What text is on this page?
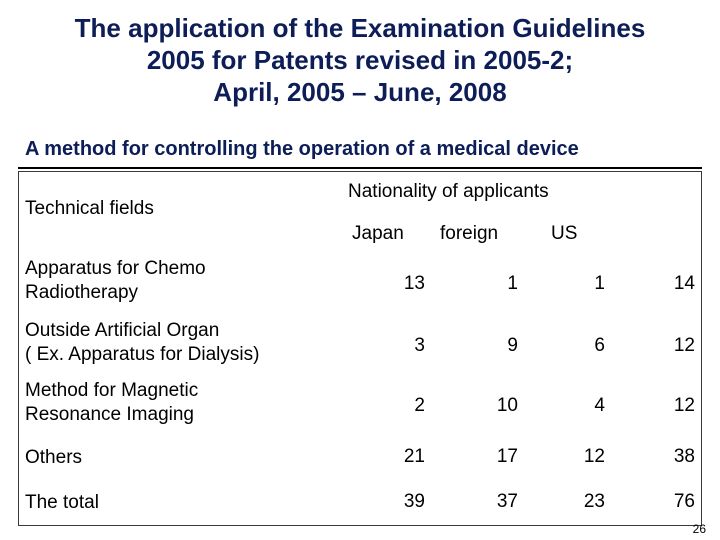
The application of the Examination Guidelines
2005 for Patents revised in 2005-2;
April, 2005 – June, 2008
A method for controlling the operation of a medical device
Technical fields
Nationality of applicants
Japan foreign	US
Apparatus for Chemo
Radiotherapy	13	1	1	14
Outside Artificial Organ
( Ex. Apparatus for Dialysis)	3	9	6	12
Method for Magnetic
Resonance Imaging	2	10	4	12
Others	21	17	12	38
The total	39	37	23	76
26
